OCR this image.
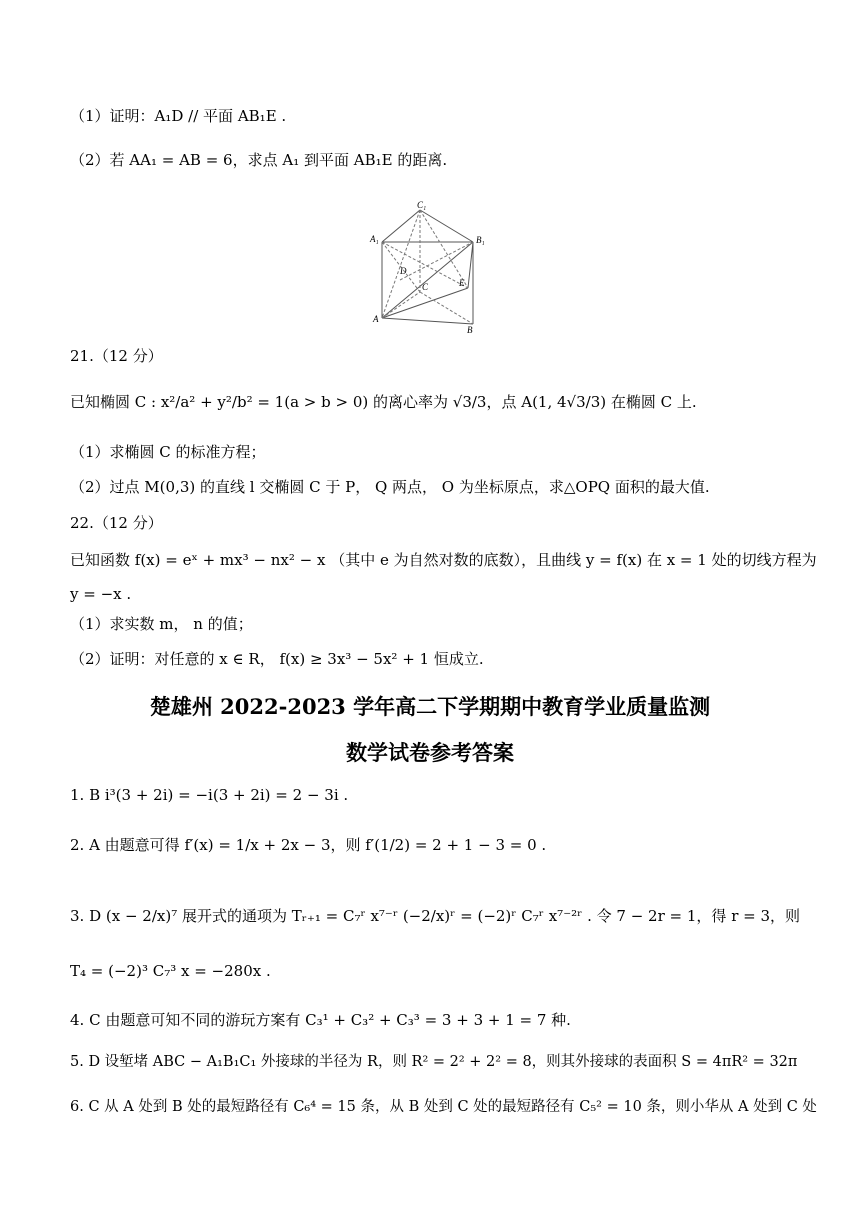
（1）证明：A₁D // 平面 AB₁E .
（2）若 AA₁ = AB = 6，求点 A₁ 到平面 AB₁E 的距离.
C₁
A₁	B₁
D
C	E
A
B
21.（12 分）
已知椭圆 C : x²/a² + y²/b² = 1(a > b > 0) 的离心率为 √3/3，点 A(1, 4√3/3) 在椭圆 C 上.
（1）求椭圆 C 的标准方程；
（2）过点 M(0,3) 的直线 l 交椭圆 C 于 P， Q 两点， O 为坐标原点，求△OPQ 面积的最大值.
22.（12 分）
已知函数 f(x) = eˣ + mx³ − nx² − x （其中 e 为自然对数的底数），且曲线 y = f(x) 在 x = 1 处的切线方程为
y = −x .
（1）求实数 m， n 的值；
（2）证明：对任意的 x ∈ R， f(x) ≥ 3x³ − 5x² + 1 恒成立.
楚雄州 2022-2023 学年高二下学期期中教育学业质量监测
数学试卷参考答案
1. B i³(3 + 2i) = −i(3 + 2i) = 2 − 3i .
2. A 由题意可得 f′(x) = 1/x + 2x − 3，则 f′(1/2) = 2 + 1 − 3 = 0 .
3. D (x − 2/x)⁷ 展开式的通项为 Tᵣ₊₁ = C₇ʳ x⁷⁻ʳ (−2/x)ʳ = (−2)ʳ C₇ʳ x⁷⁻²ʳ . 令 7 − 2r = 1，得 r = 3，则
T₄ = (−2)³ C₇³ x = −280x .
4. C 由题意可知不同的游玩方案有 C₃¹ + C₃² + C₃³ = 3 + 3 + 1 = 7 种.
5. D 设堑堵 ABC − A₁B₁C₁ 外接球的半径为 R，则 R² = 2² + 2² = 8，则其外接球的表面积 S = 4πR² = 32π
6. C 从 A 处到 B 处的最短路径有 C₆⁴ = 15 条，从 B 处到 C 处的最短路径有 C₅² = 10 条，则小华从 A 处到 C 处
